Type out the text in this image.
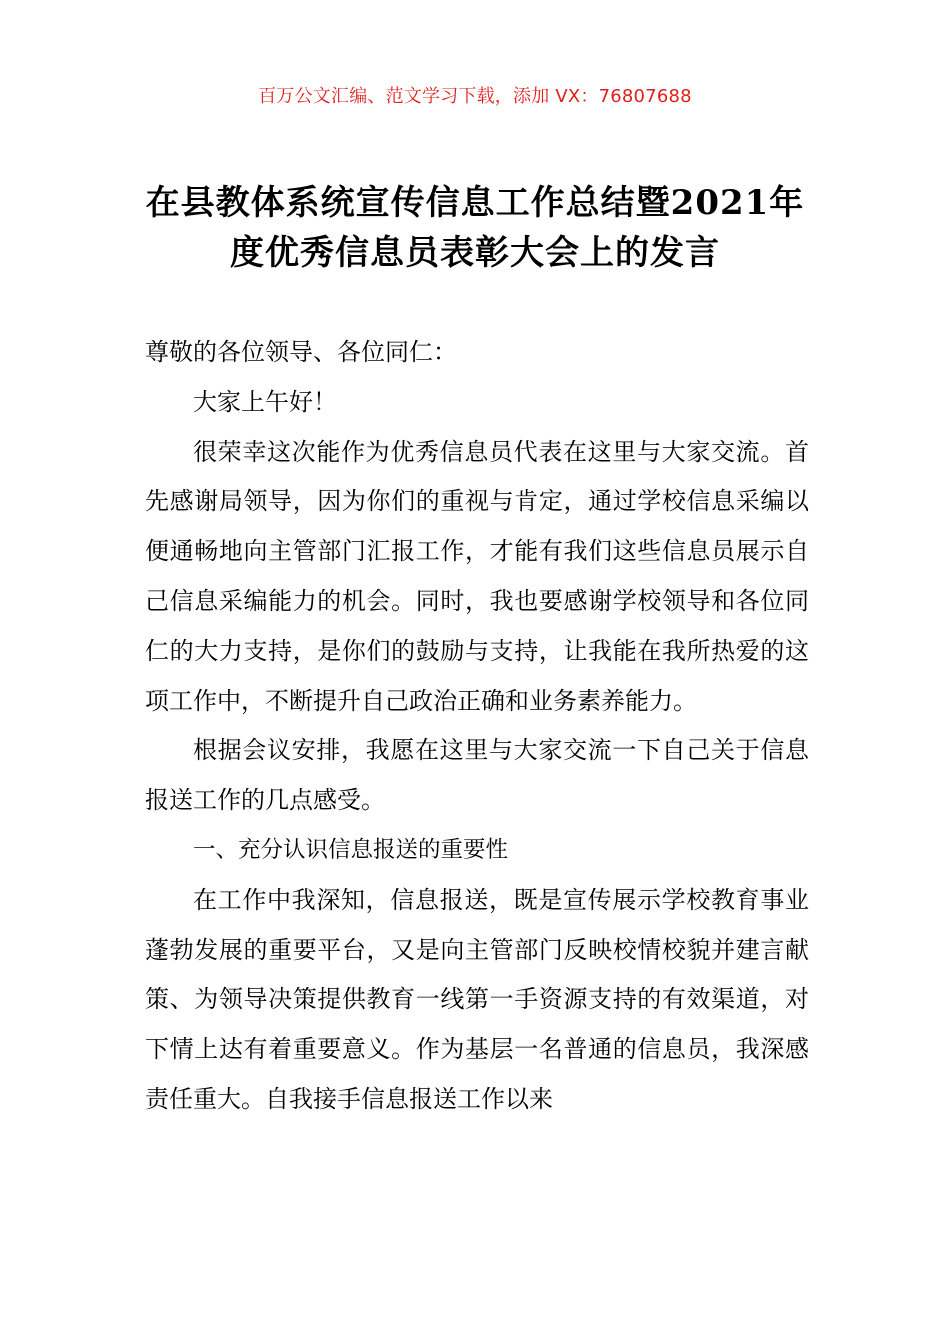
百万公文汇编、范文学习下载，添加 VX：76807688
在县教体系统宣传信息工作总结暨2021年
度优秀信息员表彰大会上的发言

尊敬的各位领导、各位同仁：

大家上午好！

很荣幸这次能作为优秀信息员代表在这里与大家交流。首先感谢局领导，因为你们的重视与肯定，通过学校信息采编以便通畅地向主管部门汇报工作，才能有我们这些信息员展示自己信息采编能力的机会。同时，我也要感谢学校领导和各位同仁的大力支持，是你们的鼓励与支持，让我能在我所热爱的这项工作中，不断提升自己政治正确和业务素养能力。

根据会议安排，我愿在这里与大家交流一下自己关于信息报送工作的几点感受。

一、充分认识信息报送的重要性

在工作中我深知，信息报送，既是宣传展示学校教育事业蓬勃发展的重要平台，又是向主管部门反映校情校貌并建言献策、为领导决策提供教育一线第一手资源支持的有效渠道，对下情上达有着重要意义。作为基层一名普通的信息员，我深感责任重大。自我接手信息报送工作以来
